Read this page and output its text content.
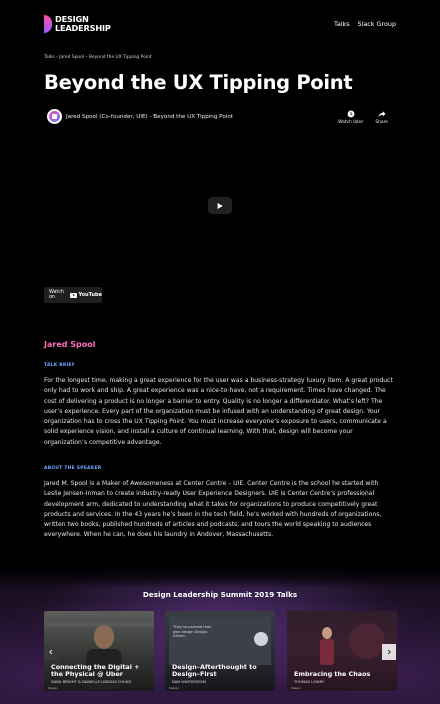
DESIGN
LEADERSHIP	Talks Slack Group
Talks › Jared Spool – Beyond the UX Tipping Point
Beyond the UX Tipping Point
Jared Spool (Co-founder, UIE) - Beyond the UX Tipping Point
Watch later	Share
Watch on	YouTube
Jared Spool
TALK BRIEF

For the longest time, making a great experience for the user was a business-strategy luxury item. A great product only had to work and ship. A great experience was a nice-to-have, not a requirement. Times have changed. The cost of delivering a product is no longer a barrier to entry. Quality is no longer a differentiator. What’s left? The user’s experience. Every part of the organization must be infused with an understanding of great design. Your organization has to cross the UX Tipping Point. You must increase everyone’s exposure to users, communicate a solid experience vision, and install a culture of continual learning. With that, design will become your organization’s competitive advantage.

ABOUT THE SPEAKER

Jared M. Spool is a Maker of Awesomeness at Center Centre – UIE. Center Centre is the school he started with Leslie Jensen-Inman to create industry-ready User Experience Designers. UIE is Center Centre’s professional development arm, dedicated to understanding what it takes for organizations to produce competitively great products and services. In the 43 years he’s been in the tech field, he’s worked with hundreds of organizations, written two books, published hundreds of articles and podcasts, and tours the world speaking to audiences everywhere. When he can, he does his laundry in Andover, Massachusetts.

Design Leadership Summit 2019 Talks
Connecting the Digital + the Physical @ Uber
DANA BRIGHT & DANIELLE LINDSAY-CHUNG
Design
They’ve pointed their own design Design-Driven
Design–Afterthought to Design–First
DAN WINTERSEEKI
Design
Embracing the Chaos
THOMAS LOWRY
Design
